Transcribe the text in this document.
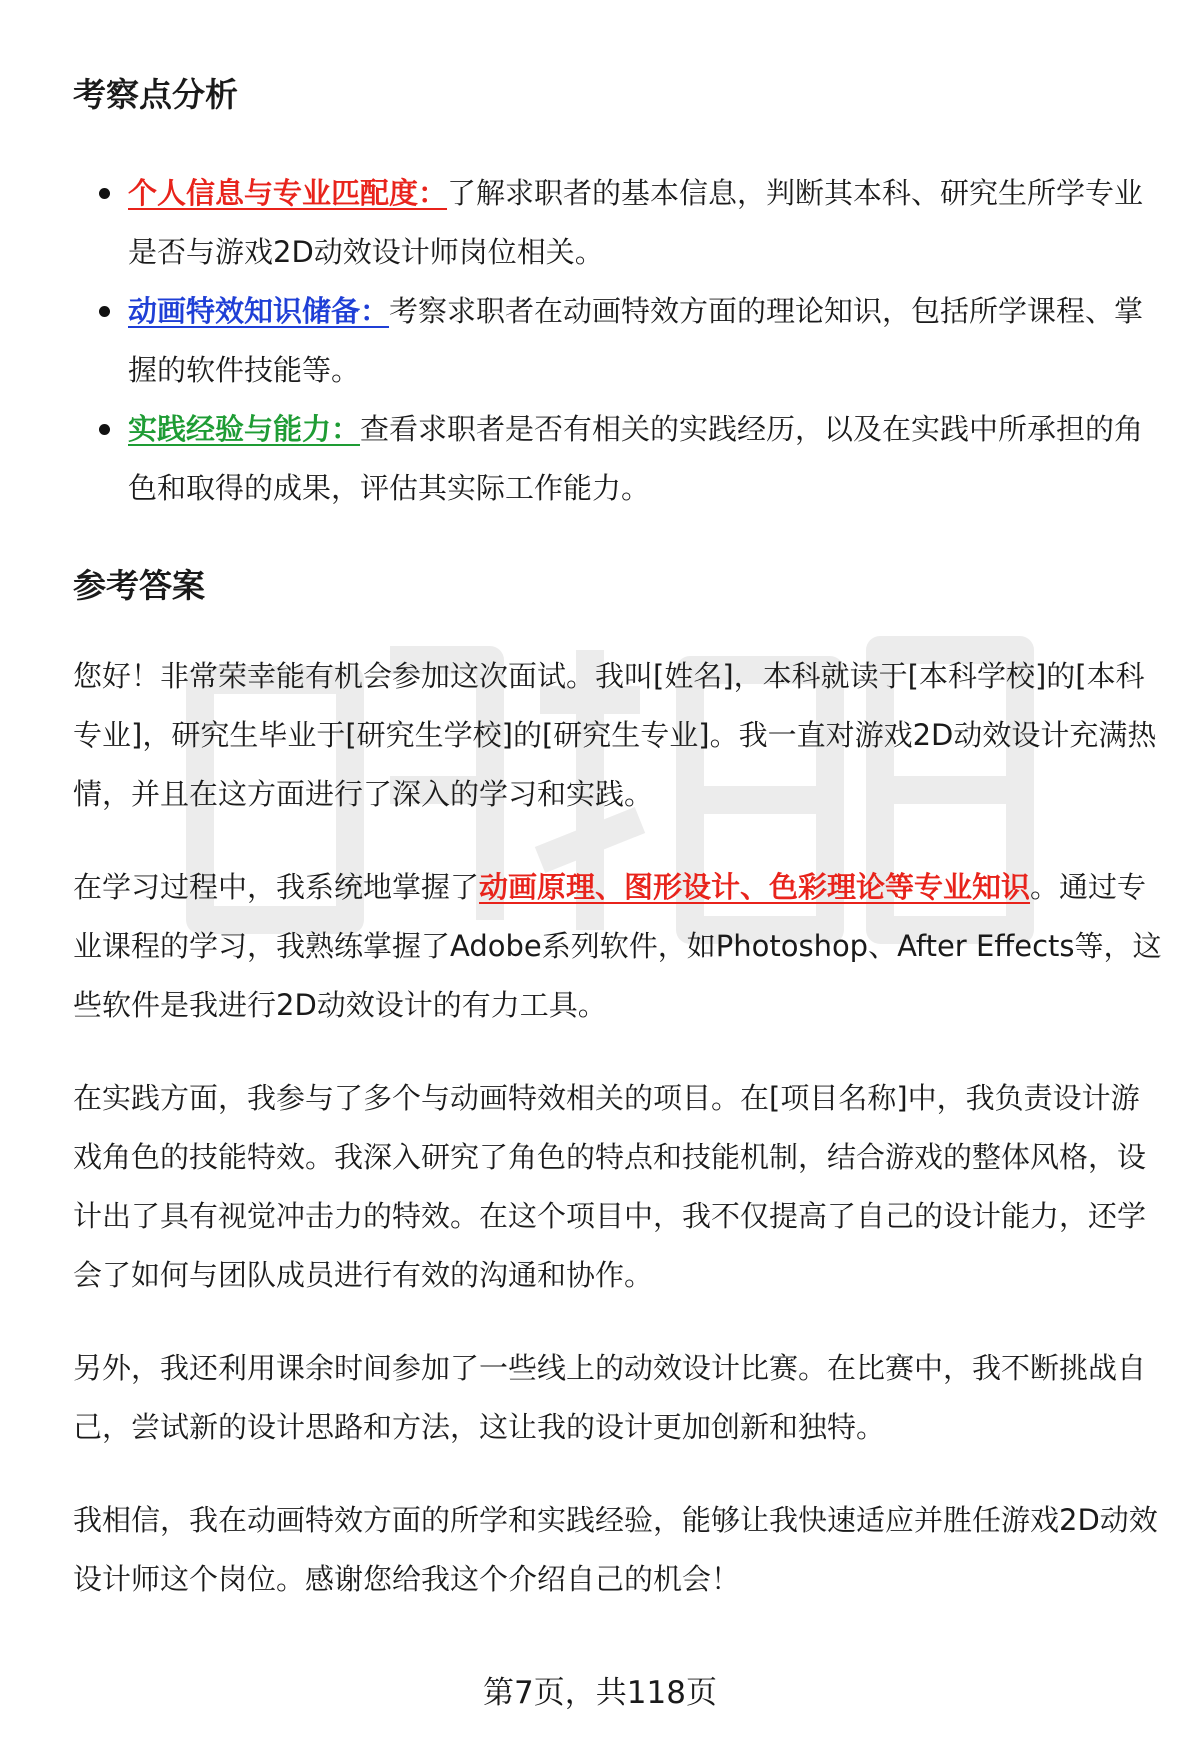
考察点分析
个人信息与专业匹配度：了解求职者的基本信息，判断其本科、研究生所学专业是否与游戏2D动效设计师岗位相关。
动画特效知识储备：考察求职者在动画特效方面的理论知识，包括所学课程、掌握的软件技能等。
实践经验与能力：查看求职者是否有相关的实践经历，以及在实践中所承担的角色和取得的成果，评估其实际工作能力。
参考答案

您好！非常荣幸能有机会参加这次面试。我叫[姓名]，本科就读于[本科学校]的[本科专业]，研究生毕业于[研究生学校]的[研究生专业]。我一直对游戏2D动效设计充满热情，并且在这方面进行了深入的学习和实践。

在学习过程中，我系统地掌握了动画原理、图形设计、色彩理论等专业知识。通过专业课程的学习，我熟练掌握了Adobe系列软件，如Photoshop、After Effects等，这些软件是我进行2D动效设计的有力工具。

在实践方面，我参与了多个与动画特效相关的项目。在[项目名称]中，我负责设计游戏角色的技能特效。我深入研究了角色的特点和技能机制，结合游戏的整体风格，设计出了具有视觉冲击力的特效。在这个项目中，我不仅提高了自己的设计能力，还学会了如何与团队成员进行有效的沟通和协作。

另外，我还利用课余时间参加了一些线上的动效设计比赛。在比赛中，我不断挑战自己，尝试新的设计思路和方法，这让我的设计更加创新和独特。

我相信，我在动画特效方面的所学和实践经验，能够让我快速适应并胜任游戏2D动效设计师这个岗位。感谢您给我这个介绍自己的机会！

第7页，共118页
